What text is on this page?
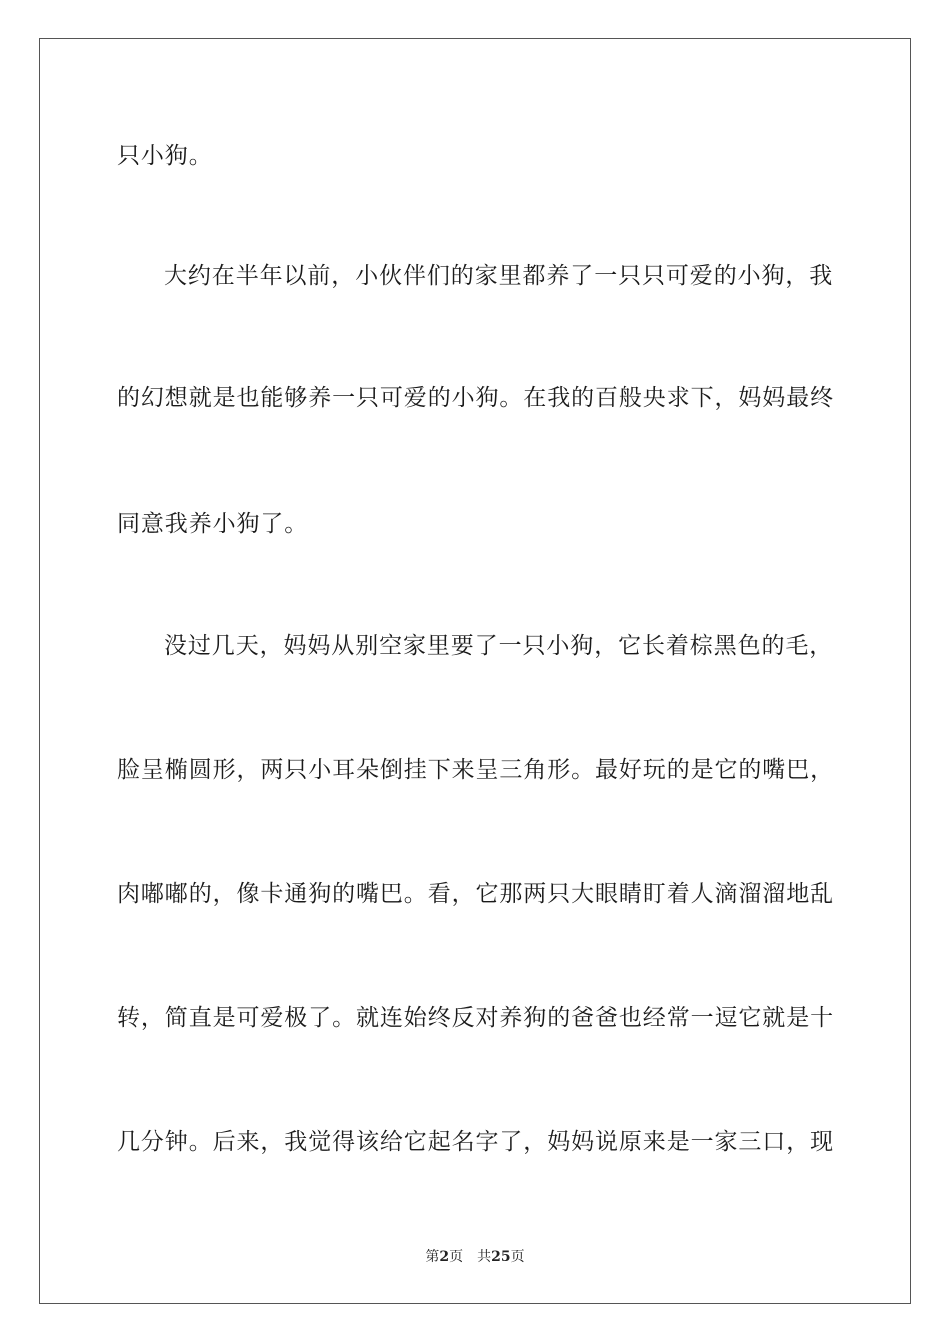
只小狗。
大约在半年以前，小伙伴们的家里都养了一只只可爱的小狗，我
的幻想就是也能够养一只可爱的小狗。在我的百般央求下，妈妈最终
同意我养小狗了。
没过几天，妈妈从别空家里要了一只小狗，它长着棕黑色的毛，
脸呈椭圆形，两只小耳朵倒挂下来呈三角形。最好玩的是它的嘴巴，
肉嘟嘟的，像卡通狗的嘴巴。看，它那两只大眼睛盯着人滴溜溜地乱
转，简直是可爱极了。就连始终反对养狗的爸爸也经常一逗它就是十
几分钟。后来，我觉得该给它起名字了，妈妈说原来是一家三口，现
第2页 共25页
